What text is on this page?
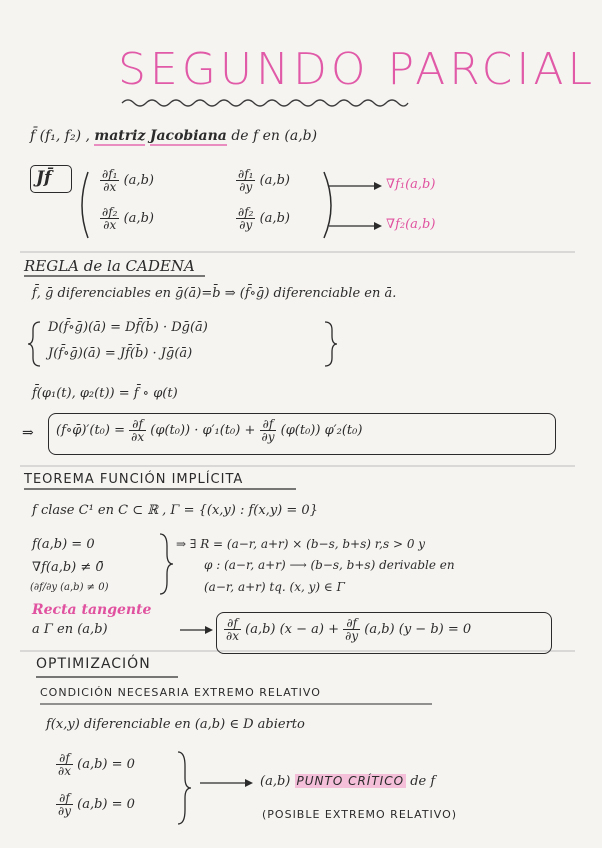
SEGUNDO PARCIAL
f̄ (f₁, f₂) , matriz Jacobiana de f en (a,b)
Jf̄	$\frac{\text{∂f₁}}{\partial x} (a,b)$	$\frac{\text{∂f₁}}{\partial y} (a,b)$
$\frac{\text{∂f₂}}{\partial x} (a,b)$	$\frac{\text{∂f₂}}{\partial y} (a,b)$
∇f₁(a,b)
∇f₂(a,b)
REGLA de la CADENA
f̄, ḡ diferenciables en ḡ(ā)=b̄ ⇒ (f̄∘ḡ) diferenciable en ā.
D(f̄∘ḡ)(ā) = Df̄(b̄) · Dḡ(ā)
J(f̄∘ḡ)(ā) = Jf̄(b̄) · Jḡ(ā)
f̄(φ₁(t), φ₂(t)) = f̄ ∘ φ(t)
⇒ (f∘φ̄)′(t₀) = $\frac{\partial f}{\partial x} (\varphi(t_0)) \cdot \varphi'_1(t_0) + \frac{\partial f}{\partial y} (\varphi(t_0))$ φ′₂(t₀)
TEOREMA FUNCIÓN IMPLÍCITA
f clase C¹ en C ⊂ ℝ , Γ = {(x,y) : f(x,y) = 0}
f(a,b) = 0
∇f(a,b) ≠ 0̄
(∂f/∂y (a,b) ≠ 0)
⇒ ∃ R = (a−r, a+r) × (b−s, b+s) r,s > 0 y
φ : (a−r, a+r) ⟶ (b−s, b+s) derivable en
(a−r, a+r) tq. (x, y) ∈ Γ
Recta tangente
a Γ en (a,b)	$\frac{\partial f}{\partial x} (a,b) (x - a) + \frac{\partial f}{\partial y} (a,b) (y - b) = 0$
OPTIMIZACIÓN
CONDICIÓN NECESARIA EXTREMO RELATIVO
f(x,y) diferenciable en (a,b) ∈ D abierto
$\frac{\partial f}{\partial x} (a,b) = 0$
$\frac{\partial f}{\partial y} (a,b) = 0$
(a,b) PUNTO CRÍTICO de f
(POSIBLE EXTREMO RELATIVO)
